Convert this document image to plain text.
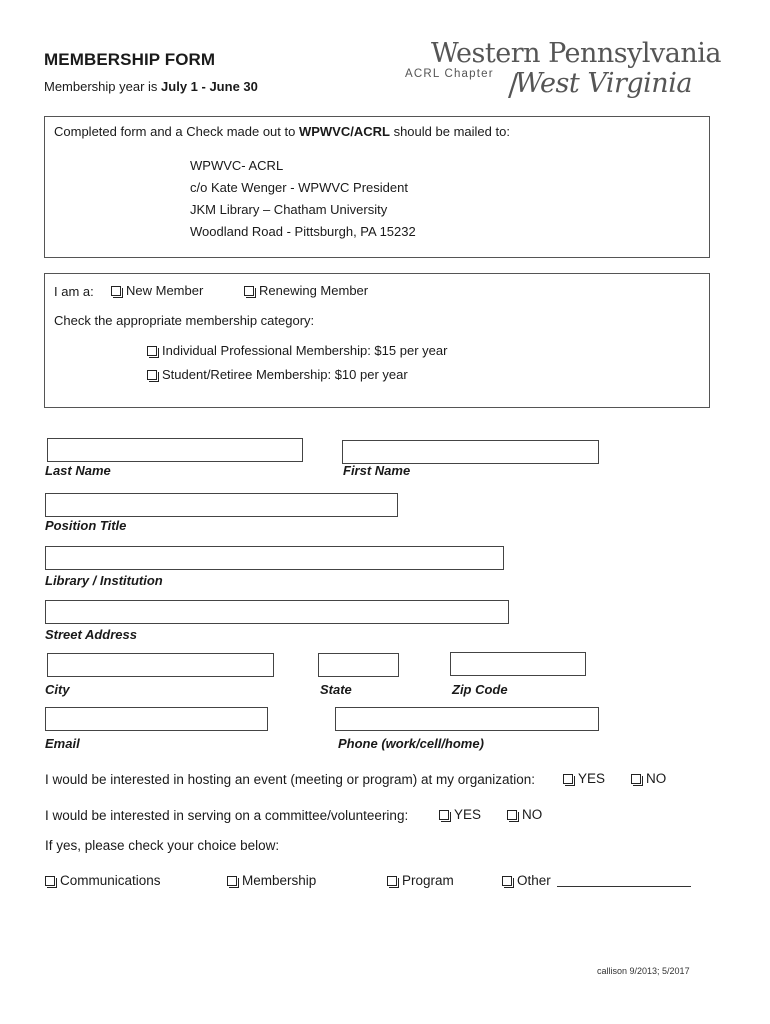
MEMBERSHIP FORM
Membership year is July 1 - June 30
Western Pennsylvania
ACRL Chapter /
West Virginia
Completed form and a Check made out to WPWVC/ACRL should be mailed to:
WPWVC- ACRL
c/o Kate Wenger - WPWVC President
JKM Library – Chatham University
Woodland Road - Pittsburgh, PA 15232
I am a:	New Member	Renewing Member
Check the appropriate membership category:
Individual Professional Membership: $15 per year
Student/Retiree Membership: $10 per year
Last Name	First Name
Position Title
Library / Institution
Street Address
City	State	Zip Code
Email	Phone (work/cell/home)
I would be interested in hosting an event (meeting or program) at my organization:	YES	NO
I would be interested in serving on a committee/volunteering:	YES	NO
If yes, please check your choice below:
Communications	Membership	Program	Other
callison 9/2013; 5/2017
